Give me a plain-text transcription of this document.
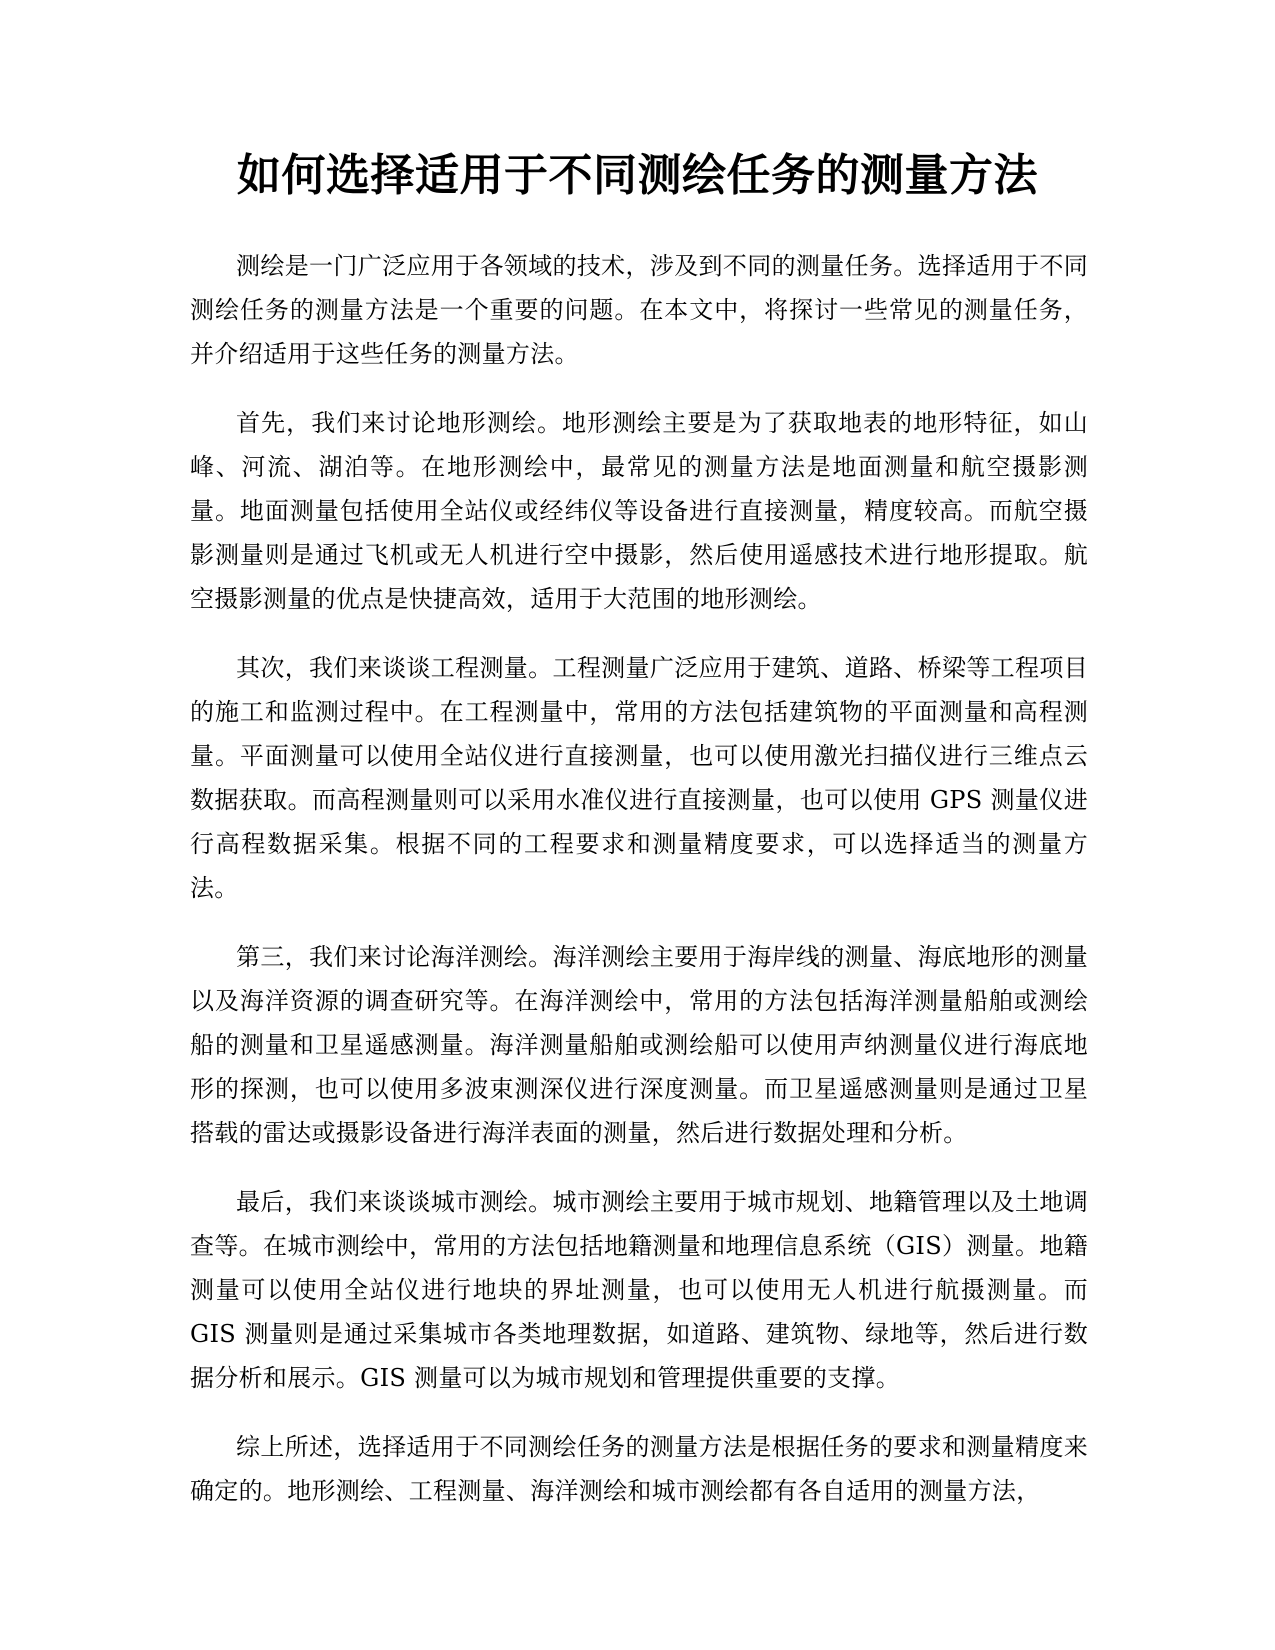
如何选择适用于不同测绘任务的测量方法

测绘是一门广泛应用于各领域的技术，涉及到不同的测量任务。选择适用于不同测绘任务的测量方法是一个重要的问题。在本文中，将探讨一些常见的测量任务，并介绍适用于这些任务的测量方法。

首先，我们来讨论地形测绘。地形测绘主要是为了获取地表的地形特征，如山峰、河流、湖泊等。在地形测绘中，最常见的测量方法是地面测量和航空摄影测量。地面测量包括使用全站仪或经纬仪等设备进行直接测量，精度较高。而航空摄影测量则是通过飞机或无人机进行空中摄影，然后使用遥感技术进行地形提取。航空摄影测量的优点是快捷高效，适用于大范围的地形测绘。

其次，我们来谈谈工程测量。工程测量广泛应用于建筑、道路、桥梁等工程项目的施工和监测过程中。在工程测量中，常用的方法包括建筑物的平面测量和高程测量。平面测量可以使用全站仪进行直接测量，也可以使用激光扫描仪进行三维点云数据获取。而高程测量则可以采用水准仪进行直接测量，也可以使用 GPS 测量仪进行高程数据采集。根据不同的工程要求和测量精度要求，可以选择适当的测量方法。

第三，我们来讨论海洋测绘。海洋测绘主要用于海岸线的测量、海底地形的测量以及海洋资源的调查研究等。在海洋测绘中，常用的方法包括海洋测量船舶或测绘船的测量和卫星遥感测量。海洋测量船舶或测绘船可以使用声纳测量仪进行海底地形的探测，也可以使用多波束测深仪进行深度测量。而卫星遥感测量则是通过卫星搭载的雷达或摄影设备进行海洋表面的测量，然后进行数据处理和分析。

最后，我们来谈谈城市测绘。城市测绘主要用于城市规划、地籍管理以及土地调查等。在城市测绘中，常用的方法包括地籍测量和地理信息系统（GIS）测量。地籍测量可以使用全站仪进行地块的界址测量，也可以使用无人机进行航摄测量。而 GIS 测量则是通过采集城市各类地理数据，如道路、建筑物、绿地等，然后进行数据分析和展示。GIS 测量可以为城市规划和管理提供重要的支撑。

综上所述，选择适用于不同测绘任务的测量方法是根据任务的要求和测量精度来确定的。地形测绘、工程测量、海洋测绘和城市测绘都有各自适用的测量方法，
